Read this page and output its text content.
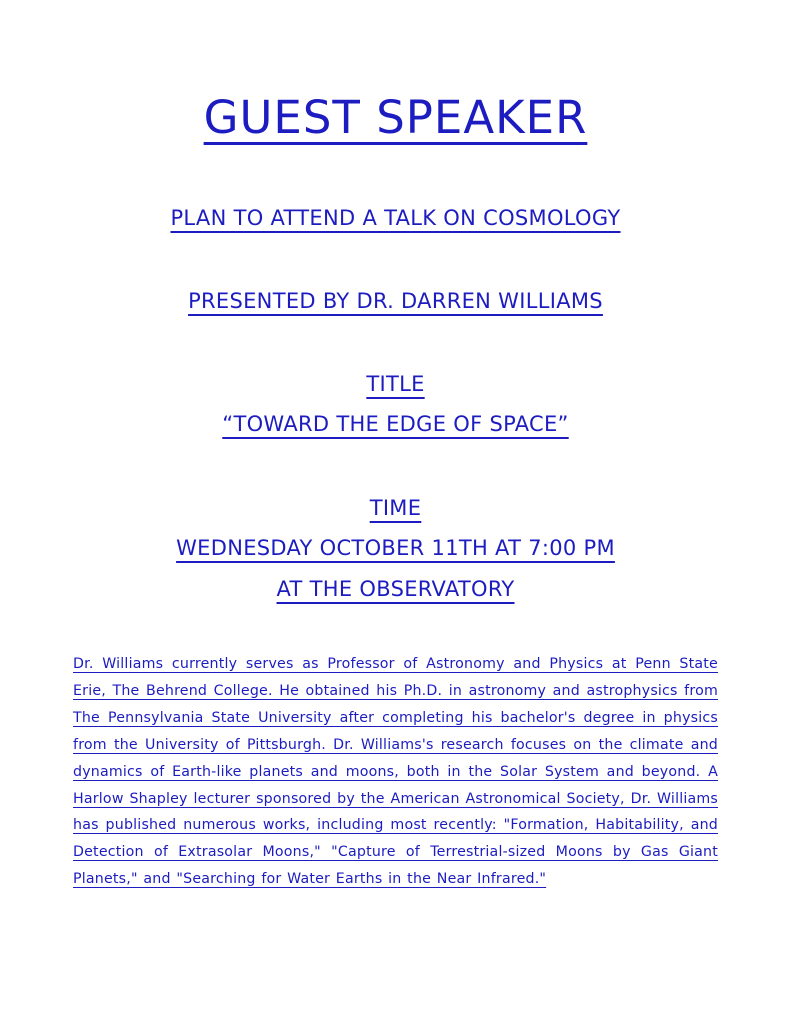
GUEST SPEAKER
PLAN TO ATTEND A TALK ON COSMOLOGY
PRESENTED BY DR. DARREN WILLIAMS
TITLE
“TOWARD THE EDGE OF SPACE”
TIME
WEDNESDAY OCTOBER 11TH AT 7:00 PM
AT THE OBSERVATORY
Dr. Williams currently serves as Professor of Astronomy and Physics at Penn State Erie, The Behrend College. He obtained his Ph.D. in astronomy and astrophysics from The Pennsylvania State University after completing his bachelor's degree in physics from the University of Pittsburgh. Dr. Williams's research focuses on the climate and dynamics of Earth-like planets and moons, both in the Solar System and beyond. A Harlow Shapley lecturer sponsored by the American Astronomical Society, Dr. Williams has published numerous works, including most recently: "Formation, Habitability, and Detection of Extrasolar Moons," "Capture of Terrestrial-sized Moons by Gas Giant Planets," and "Searching for Water Earths in the Near Infrared."
